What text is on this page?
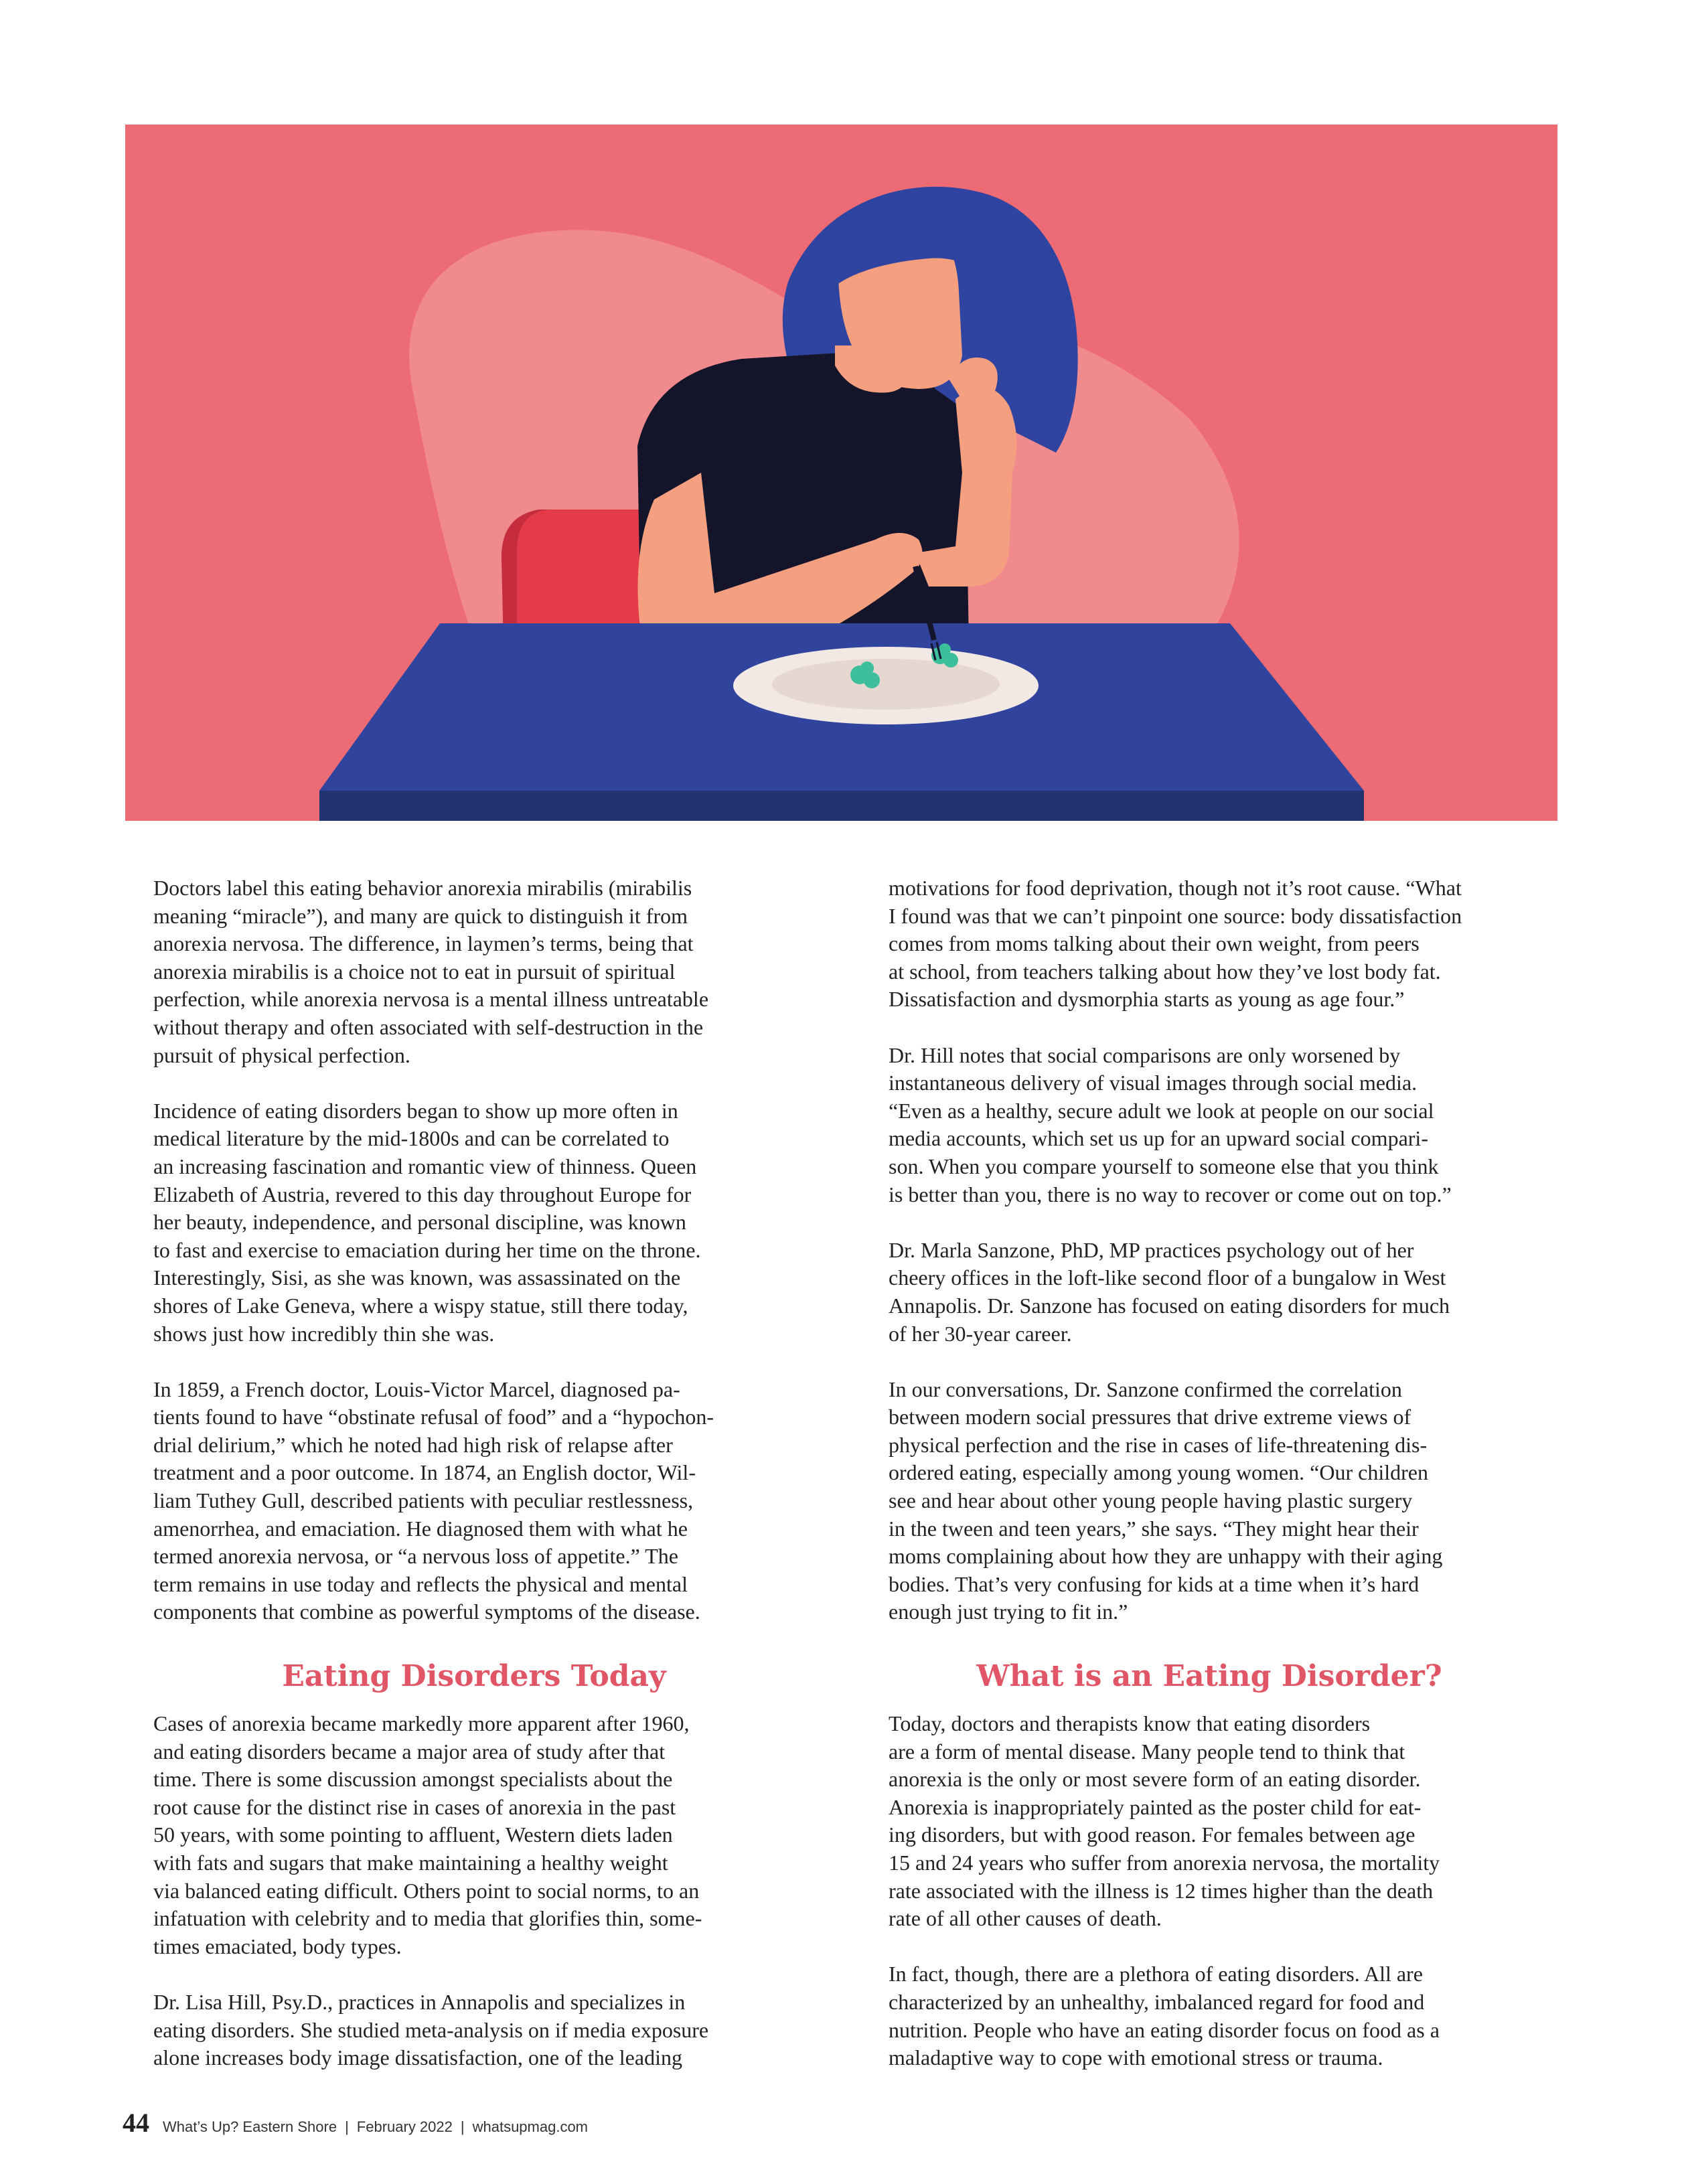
Doctors label this eating behavior anorexia mirabilis (mirabilis
meaning “miracle”), and many are quick to distinguish it from
anorexia nervosa. The difference, in laymen’s terms, being that
anorexia mirabilis is a choice not to eat in pursuit of spiritual
perfection, while anorexia nervosa is a mental illness untreatable
without therapy and often associated with self-destruction in the
pursuit of physical perfection.

Incidence of eating disorders began to show up more often in
medical literature by the mid-1800s and can be correlated to
an increasing fascination and romantic view of thinness. Queen
Elizabeth of Austria, revered to this day throughout Europe for
her beauty, independence, and personal discipline, was known
to fast and exercise to emaciation during her time on the throne.
Interestingly, Sisi, as she was known, was assassinated on the
shores of Lake Geneva, where a wispy statue, still there today,
shows just how incredibly thin she was.

In 1859, a French doctor, Louis-Victor Marcel, diagnosed pa-
tients found to have “obstinate refusal of food” and a “hypochon-
drial delirium,” which he noted had high risk of relapse after
treatment and a poor outcome. In 1874, an English doctor, Wil-
liam Tuthey Gull, described patients with peculiar restlessness,
amenorrhea, and emaciation. He diagnosed them with what he
termed anorexia nervosa, or “a nervous loss of appetite.” The
term remains in use today and reflects the physical and mental
components that combine as powerful symptoms of the disease.

motivations for food deprivation, though not it’s root cause. “What
I found was that we can’t pinpoint one source: body dissatisfaction
comes from moms talking about their own weight, from peers
at school, from teachers talking about how they’ve lost body fat.
Dissatisfaction and dysmorphia starts as young as age four.”

Dr. Hill notes that social comparisons are only worsened by
instantaneous delivery of visual images through social media.
“Even as a healthy, secure adult we look at people on our social
media accounts, which set us up for an upward social compari-
son. When you compare yourself to someone else that you think
is better than you, there is no way to recover or come out on top.”

Dr. Marla Sanzone, PhD, MP practices psychology out of her
cheery offices in the loft-like second floor of a bungalow in West
Annapolis. Dr. Sanzone has focused on eating disorders for much
of her 30-year career.

In our conversations, Dr. Sanzone confirmed the correlation
between modern social pressures that drive extreme views of
physical perfection and the rise in cases of life-threatening dis-
ordered eating, especially among young women. “Our children
see and hear about other young people having plastic surgery
in the tween and teen years,” she says. “They might hear their
moms complaining about how they are unhappy with their aging
bodies. That’s very confusing for kids at a time when it’s hard
enough just trying to fit in.”

Eating Disorders Today	What is an Eating Disorder?

Cases of anorexia became markedly more apparent after 1960,
and eating disorders became a major area of study after that
time. There is some discussion amongst specialists about the
root cause for the distinct rise in cases of anorexia in the past
50 years, with some pointing to affluent, Western diets laden
with fats and sugars that make maintaining a healthy weight
via balanced eating difficult. Others point to social norms, to an
infatuation with celebrity and to media that glorifies thin, some-
times emaciated, body types.

Dr. Lisa Hill, Psy.D., practices in Annapolis and specializes in
eating disorders. She studied meta-analysis on if media exposure
alone increases body image dissatisfaction, one of the leading

Today, doctors and therapists know that eating disorders
are a form of mental disease. Many people tend to think that
anorexia is the only or most severe form of an eating disorder.
Anorexia is inappropriately painted as the poster child for eat-
ing disorders, but with good reason. For females between age
15 and 24 years who suffer from anorexia nervosa, the mortality
rate associated with the illness is 12 times higher than the death
rate of all other causes of death.

In fact, though, there are a plethora of eating disorders. All are
characterized by an unhealthy, imbalanced regard for food and
nutrition. People who have an eating disorder focus on food as a
maladaptive way to cope with emotional stress or trauma.

44 What’s Up? Eastern Shore | February 2022 | whatsupmag.com
